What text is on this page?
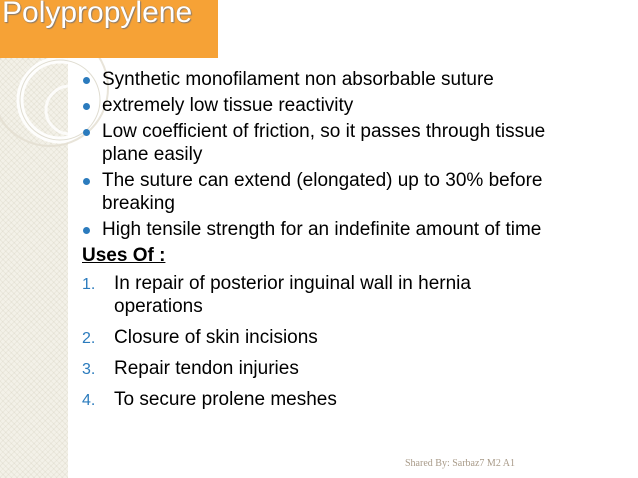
Polypropylene
Synthetic monofilament non absorbable suture
extremely low tissue reactivity
Low coefficient of friction, so it passes through tissue plane easily
The suture can extend (elongated) up to 30% before breaking
High tensile strength for an indefinite amount of time
Uses Of :
1. In repair of posterior inguinal wall in hernia operations
2. Closure of skin incisions
3. Repair tendon injuries
4. To secure prolene meshes
Shared By: Sarbaz7 M2 A1
